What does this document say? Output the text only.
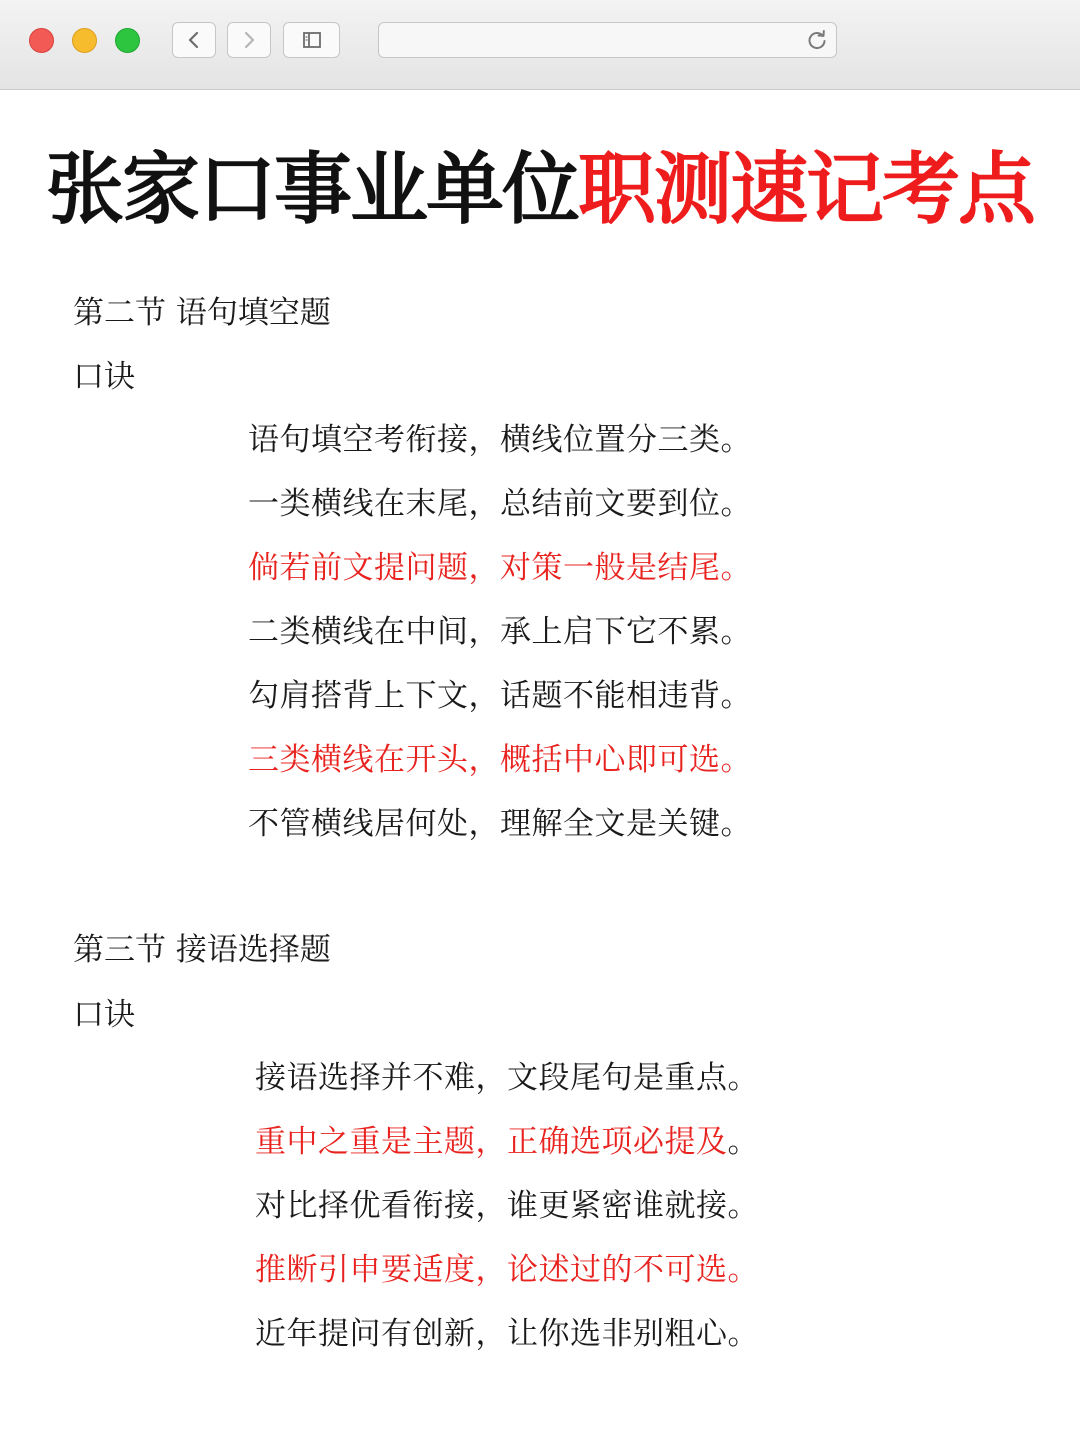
张家口事业单位职测速记考点
第二节 语句填空题
口诀
语句填空考衔接，横线位置分三类。
一类横线在末尾，总结前文要到位。
倘若前文提问题，对策一般是结尾。
二类横线在中间，承上启下它不累。
勾肩搭背上下文，话题不能相违背。
三类横线在开头，概括中心即可选。
不管横线居何处，理解全文是关键。
第三节 接语选择题
口诀
接语选择并不难，文段尾句是重点。
重中之重是主题，正确选项必提及。
对比择优看衔接，谁更紧密谁就接。
推断引申要适度，论述过的不可选。
近年提问有创新，让你选非别粗心。
